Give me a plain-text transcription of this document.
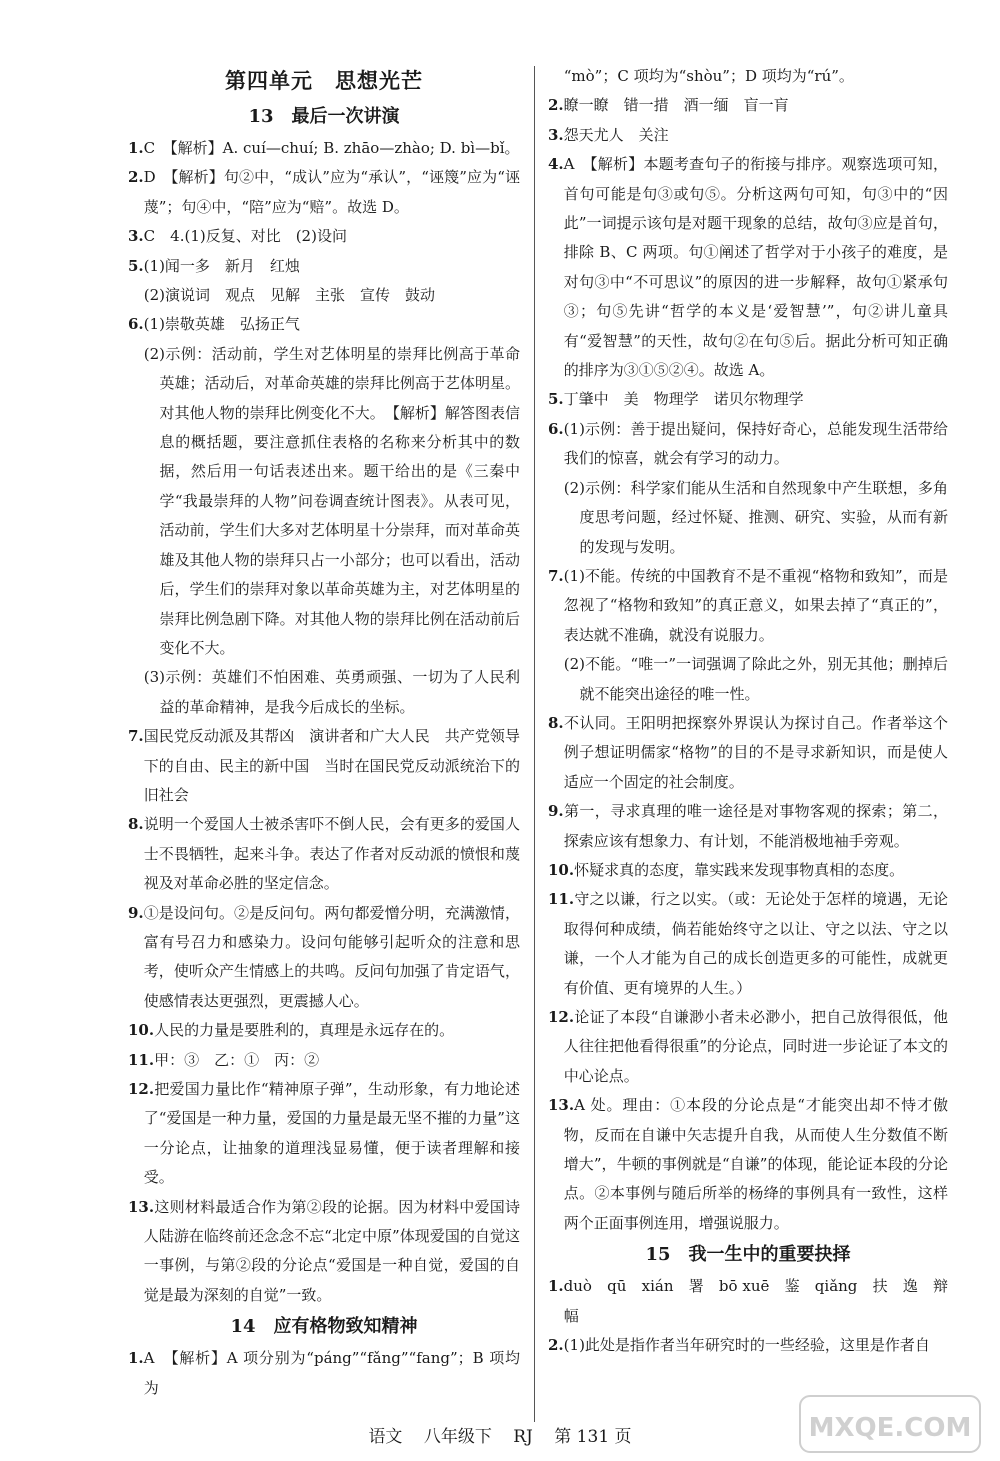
第四单元　思想光芒
13　最后一次讲演

1.C　【解析】A. cuí—chuí; B. zhāo—zhào; D. bì—bǐ。

2.D　【解析】句②中，“成认”应为“承认”，“诬篾”应为“诬蔑”；句④中，“陪”应为“赔”。故选 D。

3.C　4.(1)反复、对比　(2)设问

5.(1)闻一多　新月　红烛

(2)演说词　观点　见解　主张　宣传　鼓动

6.(1)崇敬英雄　弘扬正气

(2)示例：活动前，学生对艺体明星的崇拜比例高于革命英雄；活动后，对革命英雄的崇拜比例高于艺体明星。对其他人物的崇拜比例变化不大。　【解析】解答图表信息的概括题，要注意抓住表格的名称来分析其中的数据，然后用一句话表述出来。题干给出的是《三秦中学“我最崇拜的人物”问卷调查统计图表》。从表可见，活动前，学生们大多对艺体明星十分崇拜，而对革命英雄及其他人物的崇拜只占一小部分；也可以看出，活动后，学生们的崇拜对象以革命英雄为主，对艺体明星的崇拜比例急剧下降。对其他人物的崇拜比例在活动前后变化不大。

(3)示例：英雄们不怕困难、英勇顽强、一切为了人民利益的革命精神，是我今后成长的坐标。

7.国民党反动派及其帮凶　演讲者和广大人民　共产党领导下的自由、民主的新中国　当时在国民党反动派统治下的旧社会

8.说明一个爱国人士被杀害吓不倒人民，会有更多的爱国人士不畏牺牲，起来斗争。表达了作者对反动派的愤恨和蔑视及对革命必胜的坚定信念。

9.①是设问句。②是反问句。两句都爱憎分明，充满激情，富有号召力和感染力。设问句能够引起听众的注意和思考，使听众产生情感上的共鸣。反问句加强了肯定语气，使感情表达更强烈，更震撼人心。

10.人民的力量是要胜利的，真理是永远存在的。

11.甲：③　乙：①　丙：②

12.把爱国力量比作“精神原子弹”，生动形象，有力地论述了“爱国是一种力量，爱国的力量是最无坚不摧的力量”这一分论点，让抽象的道理浅显易懂，便于读者理解和接受。

13.这则材料最适合作为第②段的论据。因为材料中爱国诗人陆游在临终前还念念不忘“北定中原”体现爱国的自觉这一事例，与第②段的分论点“爱国是一种自觉，爱国的自觉是最为深刻的自觉”一致。

14　应有格物致知精神

1.A　【解析】A 项分别为“páng”“fǎng”“fang”；B 项均为

“mò”；C 项均为“shòu”；D 项均为“rú”。

2.瞭一瞭　错一措　酒一缅　盲一肓

3.怨天尤人　关注

4.A　【解析】本题考查句子的衔接与排序。观察选项可知，首句可能是句③或句⑤。分析这两句可知，句③中的“因此”一词提示该句是对题干现象的总结，故句③应是首句，排除 B、C 两项。句①阐述了哲学对于小孩子的难度，是对句③中“不可思议”的原因的进一步解释，故句①紧承句③；句⑤先讲“哲学的本义是‘爱智慧’”，句②讲儿童具有“爱智慧”的天性，故句②在句⑤后。据此分析可知正确的排序为③①⑤②④。故选 A。

5.丁肇中　美　物理学　诺贝尔物理学

6.(1)示例：善于提出疑问，保持好奇心，总能发现生活带给我们的惊喜，就会有学习的动力。

(2)示例：科学家们能从生活和自然现象中产生联想，多角度思考问题，经过怀疑、推测、研究、实验，从而有新的发现与发明。

7.(1)不能。传统的中国教育不是不重视“格物和致知”，而是忽视了“格物和致知”的真正意义，如果去掉了“真正的”，表达就不准确，就没有说服力。

(2)不能。“唯一”一词强调了除此之外，别无其他；删掉后就不能突出途径的唯一性。

8.不认同。王阳明把探察外界误认为探讨自己。作者举这个例子想证明儒家“格物”的目的不是寻求新知识，而是使人适应一个固定的社会制度。

9.第一，寻求真理的唯一途径是对事物客观的探索；第二，探索应该有想象力、有计划，不能消极地袖手旁观。

10.怀疑求真的态度，靠实践来发现事物真相的态度。

11.守之以谦，行之以实。（或：无论处于怎样的境遇，无论取得何种成绩，倘若能始终守之以让、守之以法、守之以谦，一个人才能为自己的成长创造更多的可能性，成就更有价值、更有境界的人生。）

12.论证了本段“自谦渺小者未必渺小，把自己放得很低，他人往往把他看得很重”的分论点，同时进一步论证了本文的中心论点。

13.A 处。理由：①本段的分论点是“才能突出却不恃才傲物，反而在自谦中矢志提升自我，从而使人生分数值不断增大”，牛顿的事例就是“自谦”的体现，能论证本段的分论点。②本事例与随后所举的杨绛的事例具有一致性，这样两个正面事例连用，增强说服力。

15　我一生中的重要抉择

1.duò　qū　xián　署　bō xuē　鉴　qiǎng　扶　逸　辩　幅

2.(1)此处是指作者当年研究时的一些经验，这里是作者自

语文 八年级下 RJ 第 131 页	MXQE.COM
